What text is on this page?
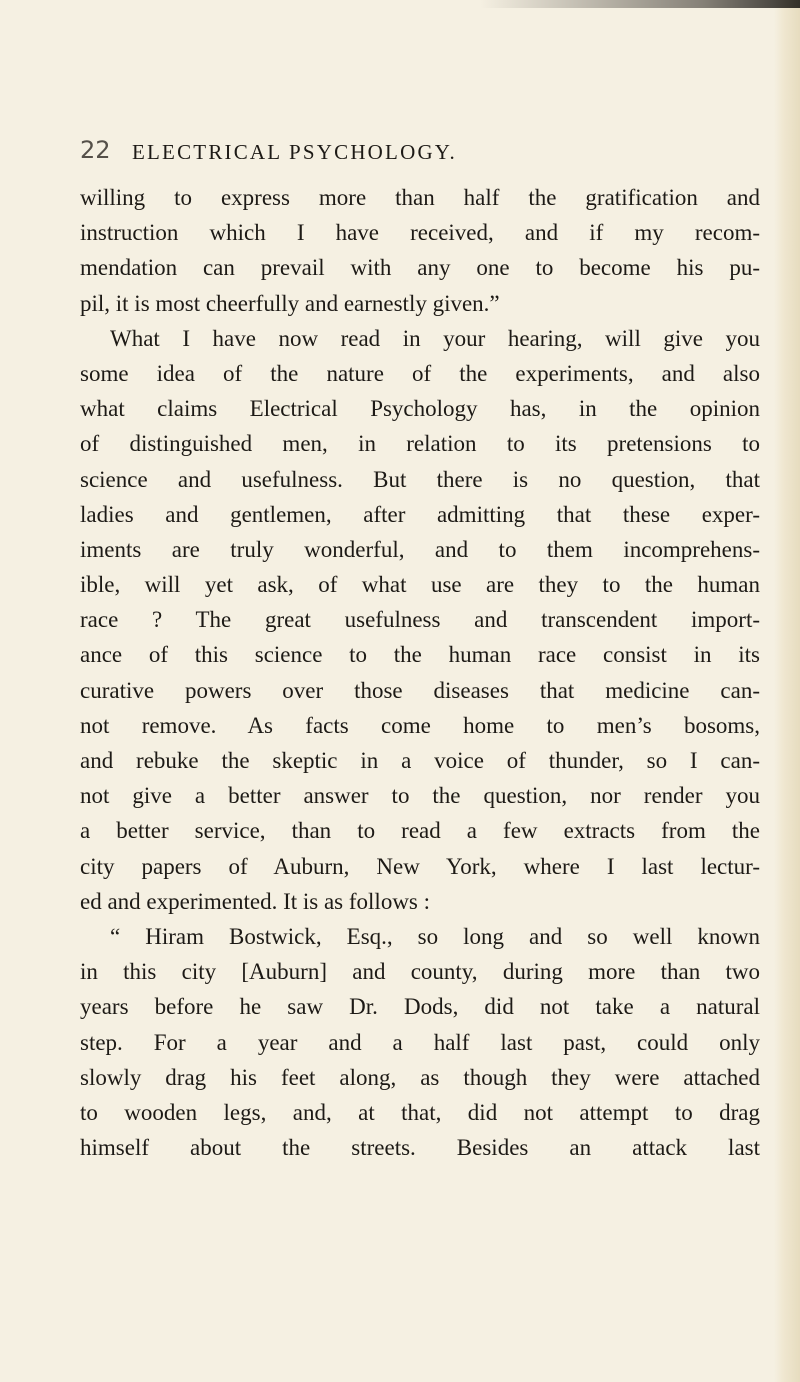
22 ELECTRICAL PSYCHOLOGY.
willing to express more than half the gratification and
instruction which I have received, and if my recom-
mendation can prevail with any one to become his pu-
pil, it is most cheerfully and earnestly given.”
What I have now read in your hearing, will give you
some idea of the nature of the experiments, and also
what claims Electrical Psychology has, in the opinion
of distinguished men, in relation to its pretensions to
science and usefulness. But there is no question, that
ladies and gentlemen, after admitting that these exper-
iments are truly wonderful, and to them incomprehens-
ible, will yet ask, of what use are they to the human
race ? The great usefulness and transcendent import-
ance of this science to the human race consist in its
curative powers over those diseases that medicine can-
not remove. As facts come home to men’s bosoms,
and rebuke the skeptic in a voice of thunder, so I can-
not give a better answer to the question, nor render you
a better service, than to read a few extracts from the
city papers of Auburn, New York, where I last lectur-
ed and experimented. It is as follows :
“ Hiram Bostwick, Esq., so long and so well known
in this city [Auburn] and county, during more than two
years before he saw Dr. Dods, did not take a natural
step. For a year and a half last past, could only
slowly drag his feet along, as though they were attached
to wooden legs, and, at that, did not attempt to drag
himself about the streets. Besides an attack last
